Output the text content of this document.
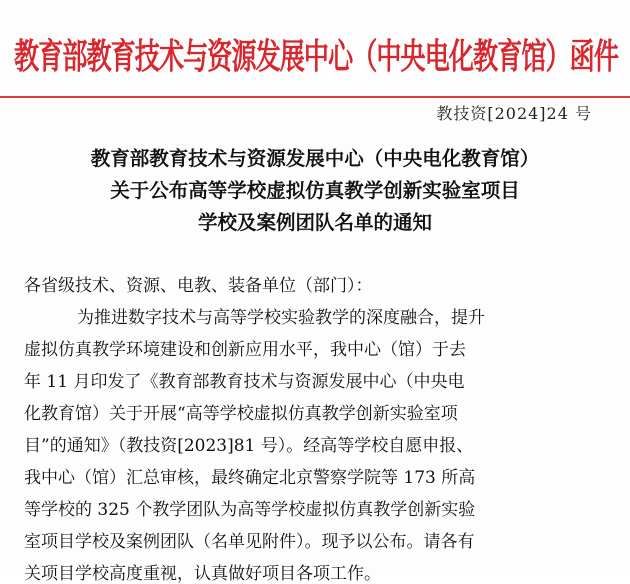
教育部教育技术与资源发展中心（中央电化教育馆）函件
教技资[2024]24 号
教育部教育技术与资源发展中心（中央电化教育馆）
关于公布高等学校虚拟仿真教学创新实验室项目
学校及案例团队名单的通知
各省级技术、资源、电教、装备单位（部门）：
为推进数字技术与高等学校实验教学的深度融合，提升
虚拟仿真教学环境建设和创新应用水平，我中心（馆）于去
年 11 月印发了《教育部教育技术与资源发展中心（中央电
化教育馆）关于开展“高等学校虚拟仿真教学创新实验室项
目”的通知》（教技资[2023]81 号）。经高等学校自愿申报、
我中心（馆）汇总审核，最终确定北京警察学院等 173 所高
等学校的 325 个教学团队为高等学校虚拟仿真教学创新实验
室项目学校及案例团队（名单见附件）。现予以公布。请各有
关项目学校高度重视，认真做好项目各项工作。
